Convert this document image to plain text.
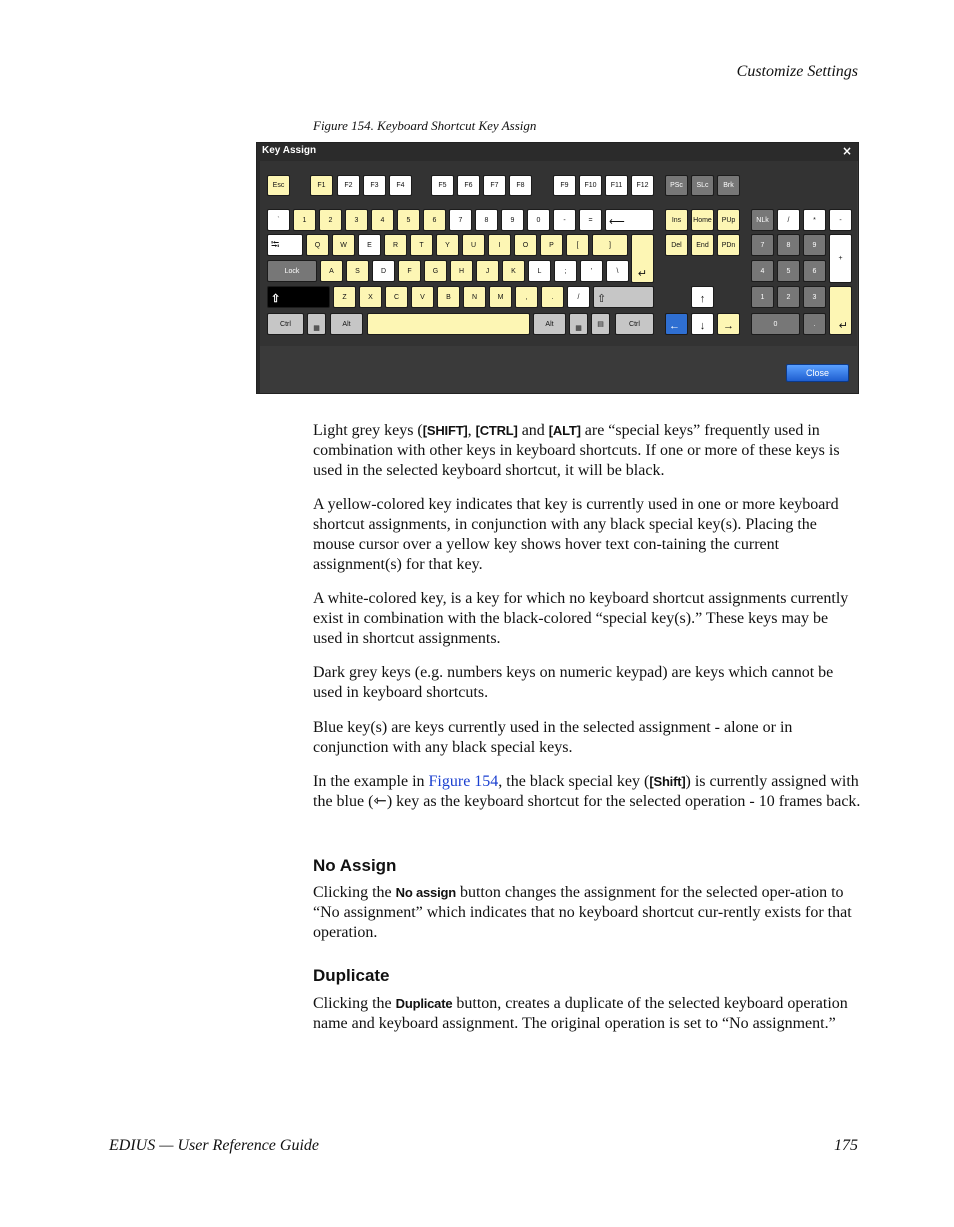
Customize Settings
Figure 154. Keyboard Shortcut Key Assign
Key Assign	×
Esc	F1	F2	F3	F4	F5	F6	F7	F8	F9	F10	F11	F12	PSc	SLc	Brk
`	1	2	3	4	5	6	7	8	9	0	-	=	⟵	Ins	Home	PUp	NLk	/	*	-
⭾	Q	W	E	R	T	Y	U	I	O	P	[	]
↵
Del	End	PDn	7	8	9
+
Lock	A	S	D	F	G	H	J	K	L	;	'	\	4	5	6
⇧	Z	X	C	V	B	N	M	,	.	/	⇧	↑	1	2	3
↵
Ctrl
▦
Alt	Alt
▦
▤	Ctrl	←	↓	→	0	.
Close

Light grey keys ([SHIFT], [CTRL] and [ALT] are “special keys” frequently used in combination with other keys in keyboard shortcuts. If one or more of these keys is used in the selected keyboard shortcut, it will be black.

A yellow-colored key indicates that key is currently used in one or more keyboard shortcut assignments, in conjunction with any black special key(s). Placing the mouse cursor over a yellow key shows hover text con-taining the current assignment(s) for that key.

A white-colored key, is a key for which no keyboard shortcut assignments currently exist in combination with the black-colored “special key(s).” These keys may be used in shortcut assignments.

Dark grey keys (e.g. numbers keys on numeric keypad) are keys which cannot be used in keyboard shortcuts.

Blue key(s) are keys currently used in the selected assignment - alone or in conjunction with any black special keys.

In the example in Figure 154, the black special key ([Shift]) is currently assigned with the blue (⇽) key as the keyboard shortcut for the selected operation - 10 frames back.

No Assign

Clicking the No assign button changes the assignment for the selected oper-ation to “No assignment” which indicates that no keyboard shortcut cur-rently exists for that operation.

Duplicate

Clicking the Duplicate button, creates a duplicate of the selected keyboard operation name and keyboard assignment. The original operation is set to “No assignment.”

EDIUS — User Reference Guide	175
